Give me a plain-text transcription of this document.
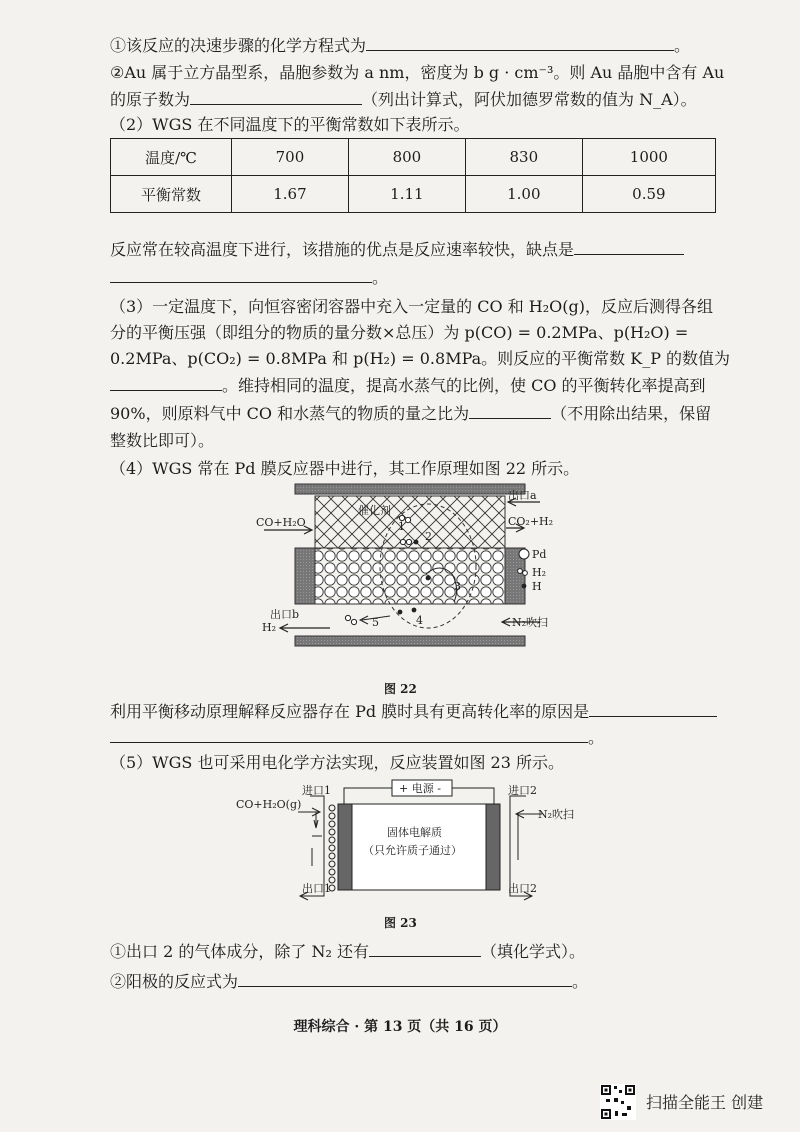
①该反应的决速步骤的化学方程式为	。
②Au 属于立方晶型系，晶胞参数为 a nm，密度为 b g · cm⁻³。则 Au 晶胞中含有 Au
的原子数为	（列出计算式，阿伏加德罗常数的值为 N_A）。
（2）WGS 在不同温度下的平衡常数如下表所示。
温度/℃	700	800	830	1000
平衡常数	1.67	1.11	1.00	0.59
反应常在较高温度下进行，该措施的优点是反应速率较快，缺点是
。
（3）一定温度下，向恒容密闭容器中充入一定量的 CO 和 H₂O(g)，反应后测得各组
分的平衡压强（即组分的物质的量分数×总压）为 p(CO) = 0.2MPa、p(H₂O) =
0.2MPa、p(CO₂) = 0.8MPa 和 p(H₂) = 0.8MPa。则反应的平衡常数 K_P 的数值为
。维持相同的温度，提高水蒸气的比例，使 CO 的平衡转化率提高到
90%，则原料气中 CO 和水蒸气的物质的量之比为	（不用除出结果，保留
整数比即可）。
（4）WGS 常在 Pd 膜反应器中进行，其工作原理如图 22 所示。
催化剂
出口a
CO+H₂O	CO₂+H₂
Pd
H₂
H
出口b
H₂	N₂吹扫
1
2
3
4
5
图 22
利用平衡移动原理解释反应器存在 Pd 膜时具有更高转化率的原因是
。
（5）WGS 也可采用电化学方法实现，反应装置如图 23 所示。
+ 电源 -
进口1	进口2
CO+H₂O(g)
N₂吹扫
固体电解质
（只允许质子通过）
出口1	出口2
图 23
①出口 2 的气体成分，除了 N₂ 还有	（填化学式）。
②阳极的反应式为	。
理科综合 · 第 13 页（共 16 页）
扫描全能王 创建
